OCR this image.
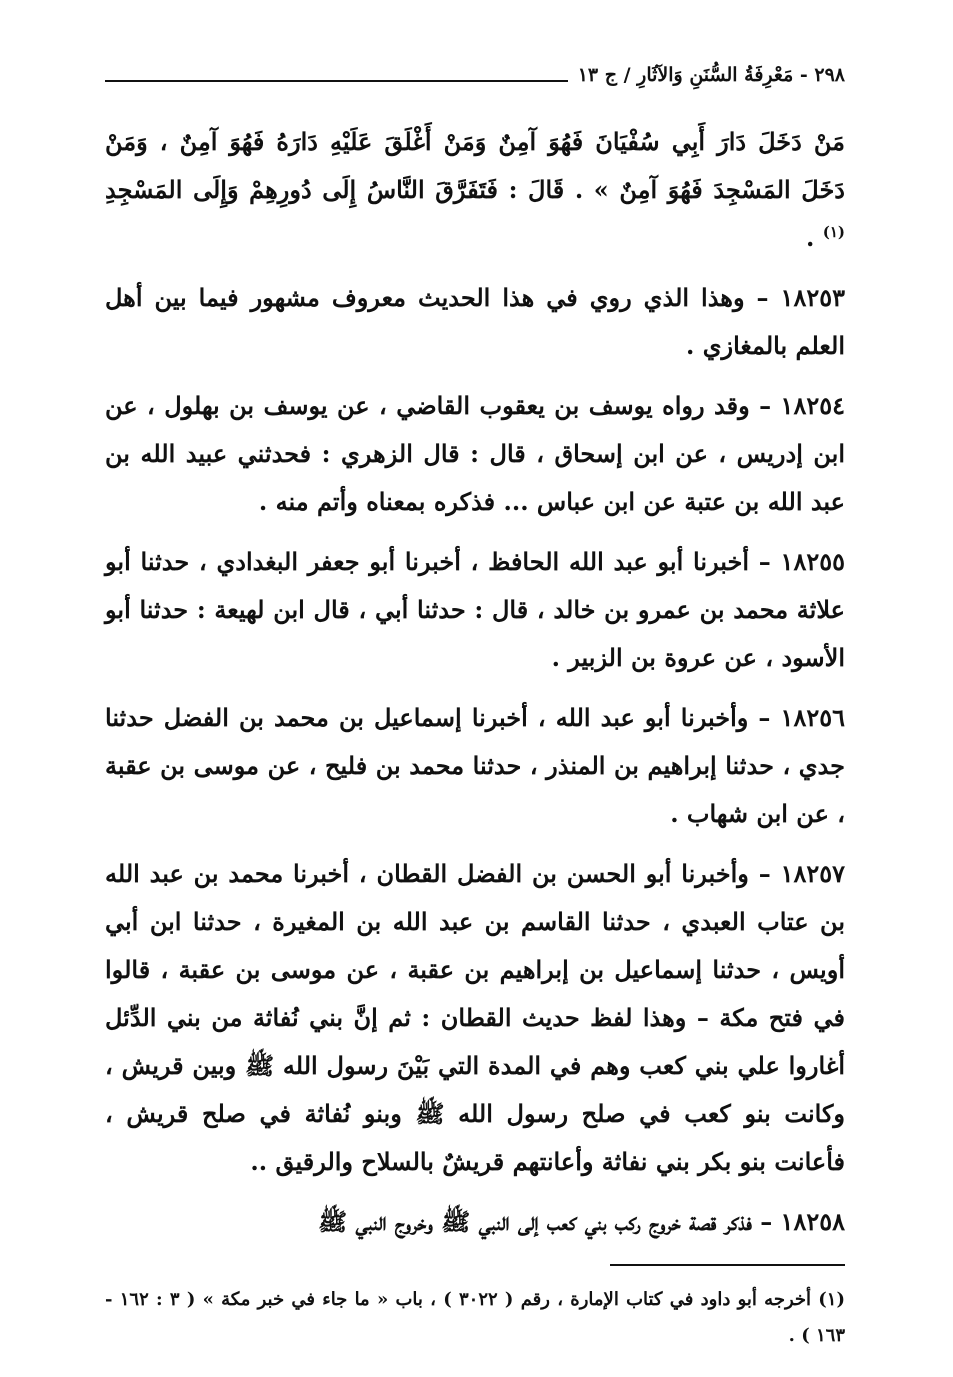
٢٩٨ - مَعْرِفَةُ السُّنَنِ وَالآثَارِ / ج ١٣

مَنْ دَخَلَ دَارَ أَبِي سُفْيَانَ فَهُوَ آمِنٌ وَمَنْ أَغْلَقَ عَلَيْهِ دَارَهُ فَهُوَ آمِنٌ ، وَمَنْ دَخَلَ المَسْجِدَ فَهُوَ آمِنٌ » . قَالَ : فَتَفَرَّقَ النَّاسُ إِلَى دُورِهِمْ وَإِلَى المَسْجِدِ $^{(١)}$ .

١٨٢٥٣ – وهذا الذي روي في هذا الحديث معروف مشهور فيما بين أهل العلم بالمغازي .

١٨٢٥٤ – وقد رواه يوسف بن يعقوب القاضي ، عن يوسف بن بهلول ، عن ابن إدريس ، عن ابن إسحاق ، قال : قال الزهري : فحدثني عبيد الله بن عبد الله بن عتبة عن ابن عباس ... فذكره بمعناه وأتم منه .

١٨٢٥٥ – أخبرنا أبو عبد الله الحافظ ، أخبرنا أبو جعفر البغدادي ، حدثنا أبو علاثة محمد بن عمرو بن خالد ، قال : حدثنا أبي ، قال ابن لهيعة : حدثنا أبو الأسود ، عن عروة بن الزبير .

١٨٢٥٦ – وأخبرنا أبو عبد الله ، أخبرنا إسماعيل بن محمد بن الفضل حدثنا جدي ، حدثنا إبراهيم بن المنذر ، حدثنا محمد بن فليح ، عن موسى بن عقبة ، عن ابن شهاب .

١٨٢٥٧ – وأخبرنا أبو الحسن بن الفضل القطان ، أخبرنا محمد بن عبد الله بن عتاب العبدي ، حدثنا القاسم بن عبد الله بن المغيرة ، حدثنا ابن أبي أويس ، حدثنا إسماعيل بن إبراهيم بن عقبة ، عن موسى بن عقبة ، قالوا في فتح مكة – وهذا لفظ حديث القطان : ثم إنَّ بني نُفاثة من بني الدِّئل أغاروا علي بني كعب وهم في المدة التي بَيْنَ رسول الله ﷺ وبين قريش ، وكانت بنو كعب في صلح رسول الله ﷺ وبنو نُفاثة في صلح قريش ، فأعانت بنو بكر بني نفاثة وأعانتهم قريشٌ بالسلاح والرقيق ..

١٨٢٥٨ – فذكر قصة خروج ركب بني كعب إلى النبي ﷺ وخروج النبي ﷺ

(١) أخرجه أبو داود في كتاب الإمارة ، رقم ( ٣٠٢٢ ) ، باب « ما جاء في خبر مكة » ( ٣ : ١٦٢ - ١٦٣ ) .
